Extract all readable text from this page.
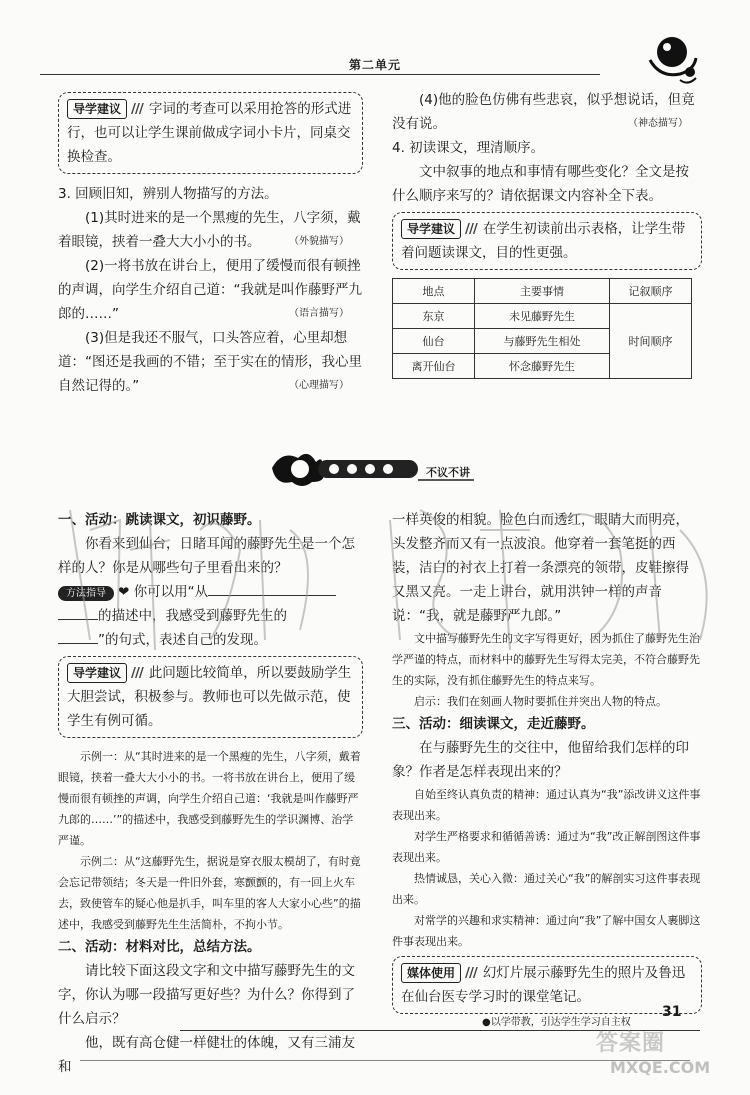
第二单元
导学建议 /// 字词的考查可以采用抢答的形式进行，也可以让学生课前做成字词小卡片，同桌交换检查。

3. 回顾旧知，辨别人物描写的方法。

(1)其时进来的是一个黑瘦的先生，八字须，戴着眼镜，挟着一叠大大小小的书。	（ 外貌描写 ）

(2)一将书放在讲台上，便用了缓慢而很有顿挫的声调，向学生介绍自己道：“我就是叫作藤野严九郎的……”	（ 语言描写 ）

(3)但是我还不服气，口头答应着，心里却想道：“图还是我画的不错；至于实在的情形，我心里自然记得的。”	（ 心理描写 ）

(4)他的脸色仿佛有些悲哀，似乎想说话，但竟没有说。	（ 神态描写 ）

4. 初读课文，理清顺序。

文中叙事的地点和事情有哪些变化？全文是按什么顺序来写的？请依据课文内容补全下表。

导学建议 /// 在学生初读前出示表格，让学生带着问题读课文，目的性更强。
地点	主要事情	记叙顺序
东京	未见藤野先生	时间顺序
仙台	与藤野先生相处	
离开仙台	怀念藤野先生	
不议不讲

一、活动：跳读课文，初识藤野。

你看来到仙台，日睹耳闻的藤野先生是一个怎样的人？你是从哪些句子里看出来的？

方法指导 ❤ 你可以用“从

的描述中，我感受到藤野先生的

”的句式，表述自己的发现。

导学建议 /// 此问题比较简单，所以要鼓励学生大胆尝试，积极参与。教师也可以先做示范，使学生有例可循。

示例一：从“其时进来的是一个黑瘦的先生，八字须，戴着眼镜，挟着一叠大大小小的书。一将书放在讲台上，便用了缓慢而很有顿挫的声调，向学生介绍自己道：‘我就是叫作藤野严九郎的……’”的描述中，我感受到藤野先生的学识渊博、治学严谨。

示例二：从“这藤野先生，据说是穿衣服太模胡了，有时竟会忘记带领结；冬天是一件旧外套，寒颤颤的，有一回上火车去，致使管车的疑心他是扒手，叫车里的客人大家小心些”的描述中，我感受到藤野先生生活简朴，不拘小节。

二、活动：材料对比，总结方法。

请比较下面这段文字和文中描写藤野先生的文字，你认为哪一段描写更好些？为什么？你得到了什么启示？

他，既有高仓健一样健壮的体魄，又有三浦友和

一样英俊的相貌。脸色白而透红，眼睛大而明亮，头发整齐而又有一点波浪。他穿着一套笔挺的西装，洁白的衬衣上打着一条漂亮的领带，皮鞋擦得又黑又亮。一走上讲台，就用洪钟一样的声音说：“我，就是藤野严九郎。”

文中描写藤野先生的文字写得更好，因为抓住了藤野先生治学严谨的特点，而材料中的藤野先生写得太完美，不符合藤野先生的实际，没有抓住藤野先生的特点来写。

启示：我们在刻画人物时要抓住并突出人物的特点。

三、活动：细读课文，走近藤野。

在与藤野先生的交往中，他留给我们怎样的印象？作者是怎样表现出来的？

自始至终认真负责的精神：通过认真为“我”添改讲义这件事表现出来。

对学生严格要求和循循善诱：通过为“我”改正解剖图这件事表现出来。

热情诚恳，关心入微：通过关心“我”的解剖实习这件事表现出来。

对常学的兴趣和求实精神：通过向“我”了解中国女人裹脚这件事表现出来。

媒体使用 /// 幻灯片展示藤野先生的照片及鲁迅在仙台医专学习时的课堂笔记。
●以学带教，引达学生学习自主权
31
答案圈
MXQE.COM
